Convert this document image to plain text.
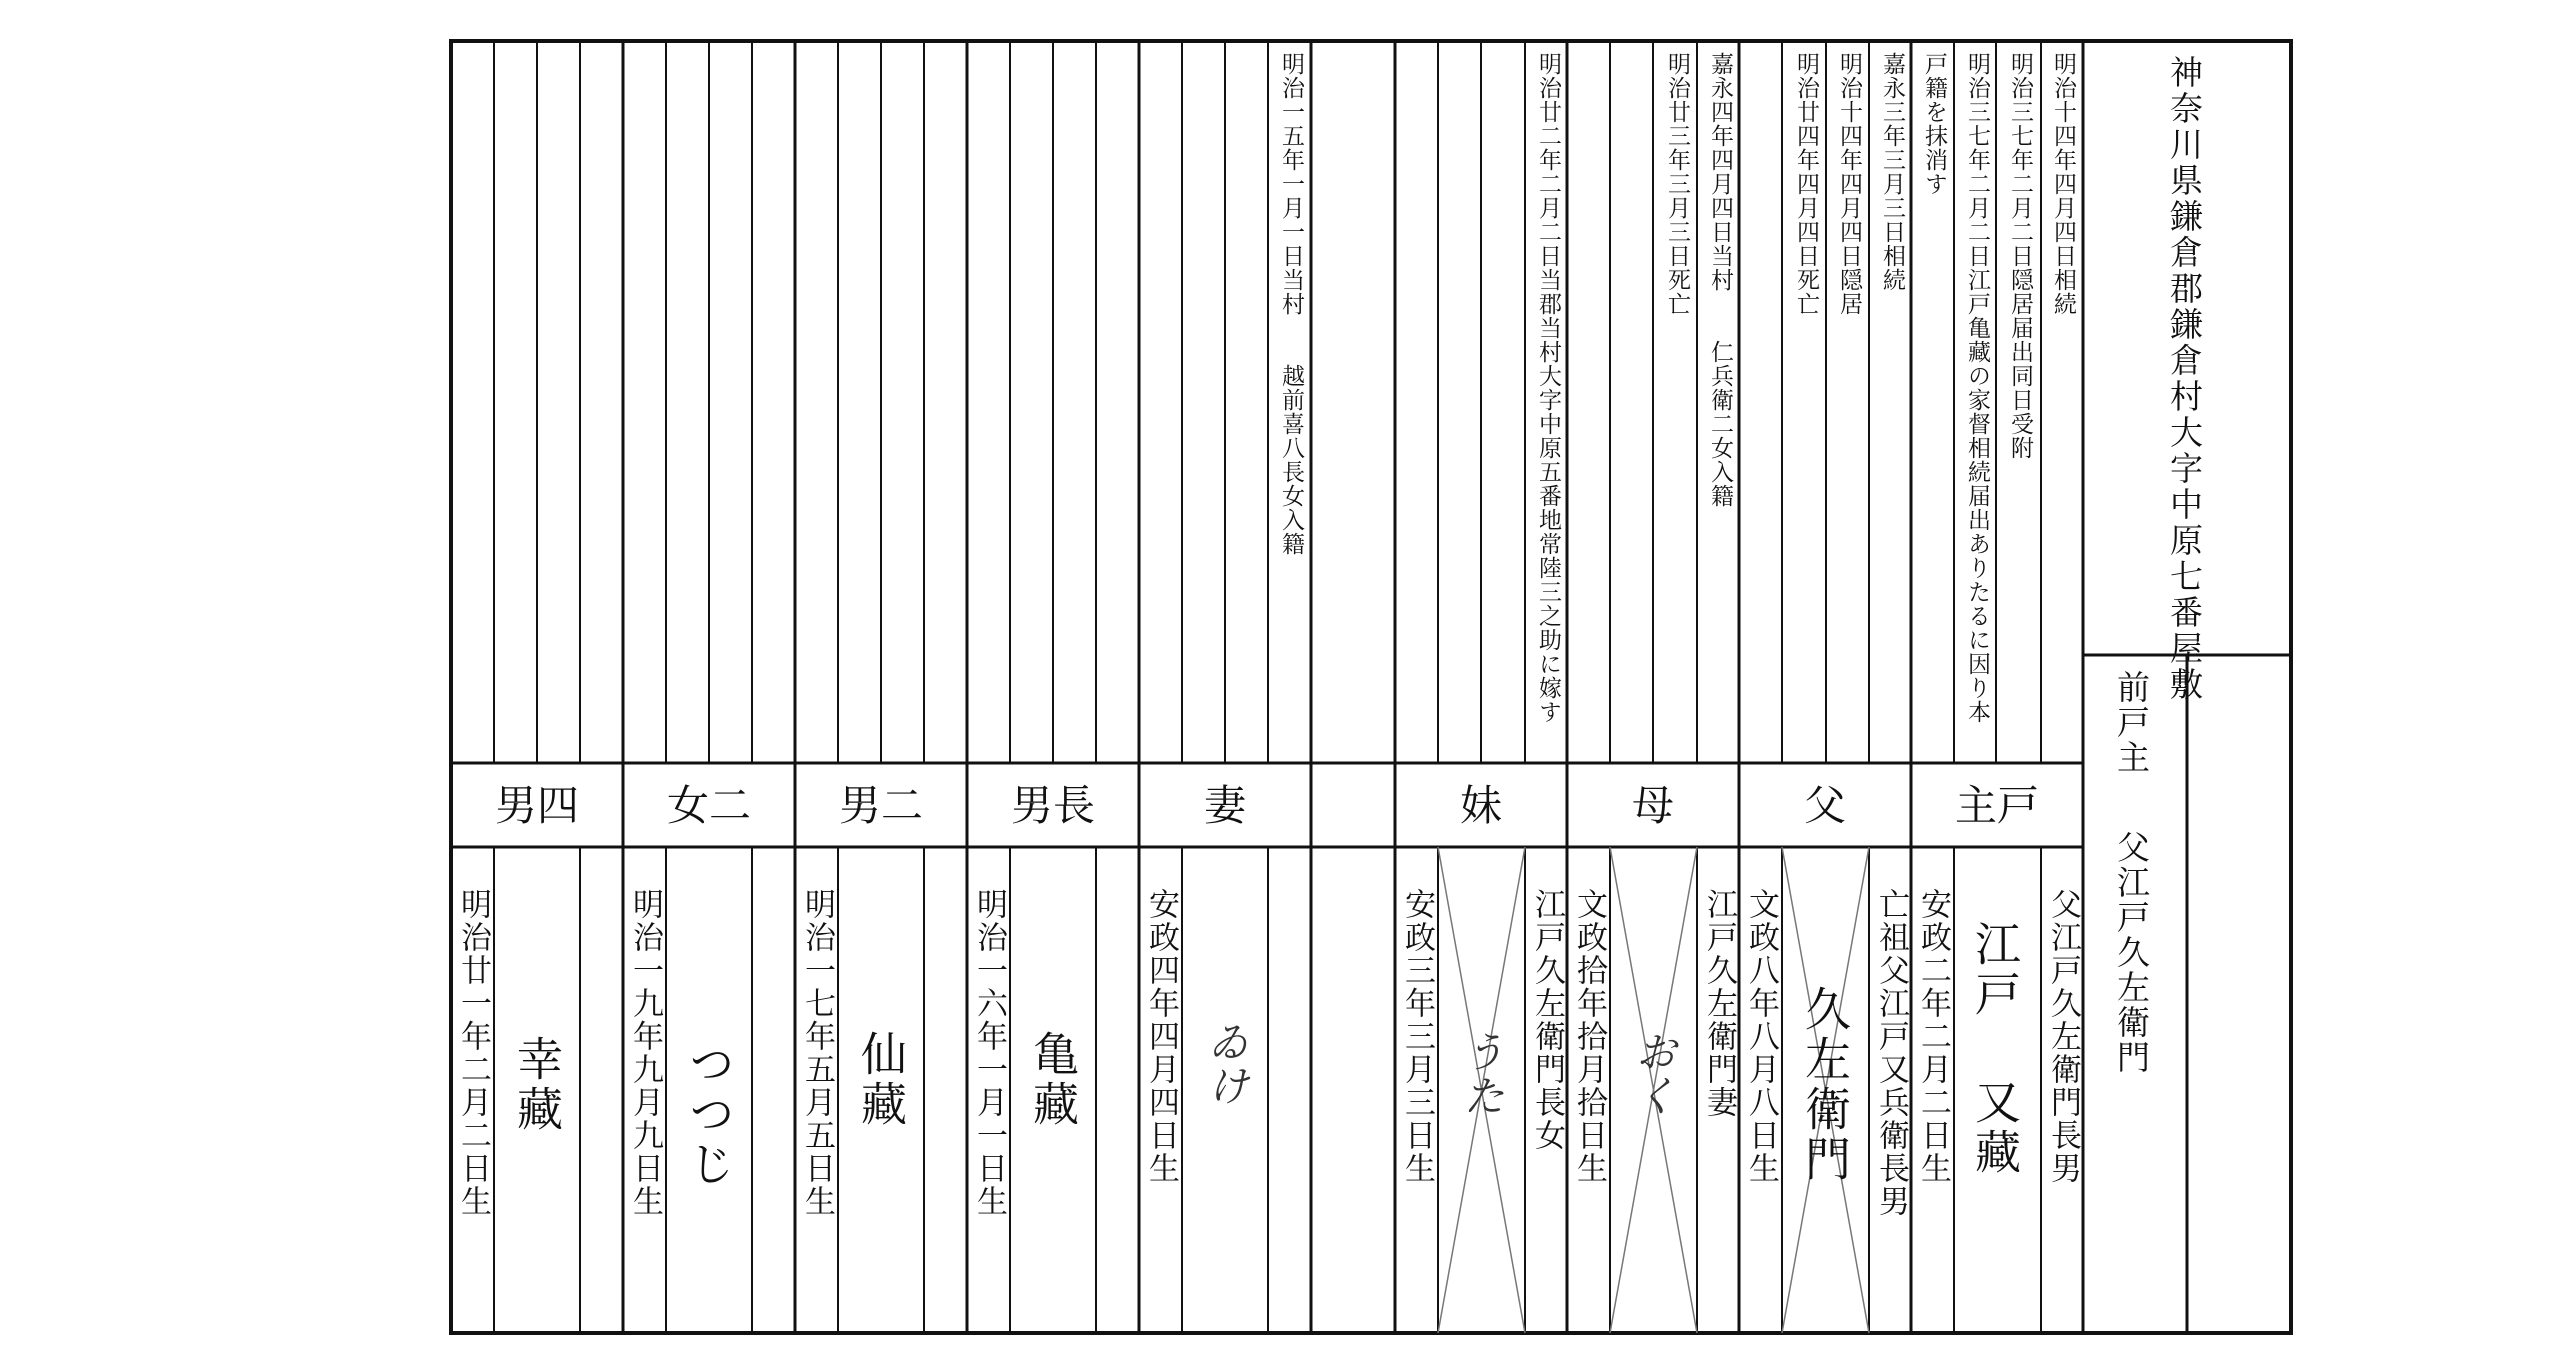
神奈川県鎌倉郡鎌倉村大字中原七番屋敷
前戸主
父江戸久左衛門
明治十四年四月四日相続
明治三七年二月二日隠居届出同日受附
明治三七年二月二日江戸亀藏の家督相続届出ありたるに因り本
戸籍を抹消す
嘉永三年三月三日相続
明治十四年四月四日隠居
明治廿四年四月四日死亡
嘉永四年四月四日当村　　仁兵衛二女入籍
明治廿三年三月三日死亡
明治廿二年二月二日当郡当村大字中原五番地常陸三之助に嫁す
明治一五年一月一日当村　　越前喜八長女入籍
主戸
父
母
妹
妻
男長
男二
女二
男四
父江戸久左衛門長男
江戸 又藏
安政二年二月二日生
亡祖父江戸又兵衛長男
久左衛門
文政八年八月八日生
江戸久左衛門妻
おく
文政拾年拾月拾日生
江戸久左衛門長女
うた
安政三年三月三日生
ゐけ
安政四年四月四日生
亀藏
明治一六年一月一日生
仙藏
明治一七年五月五日生
つつじ
明治一九年九月九日生
幸藏
明治廿一年二月二日生
